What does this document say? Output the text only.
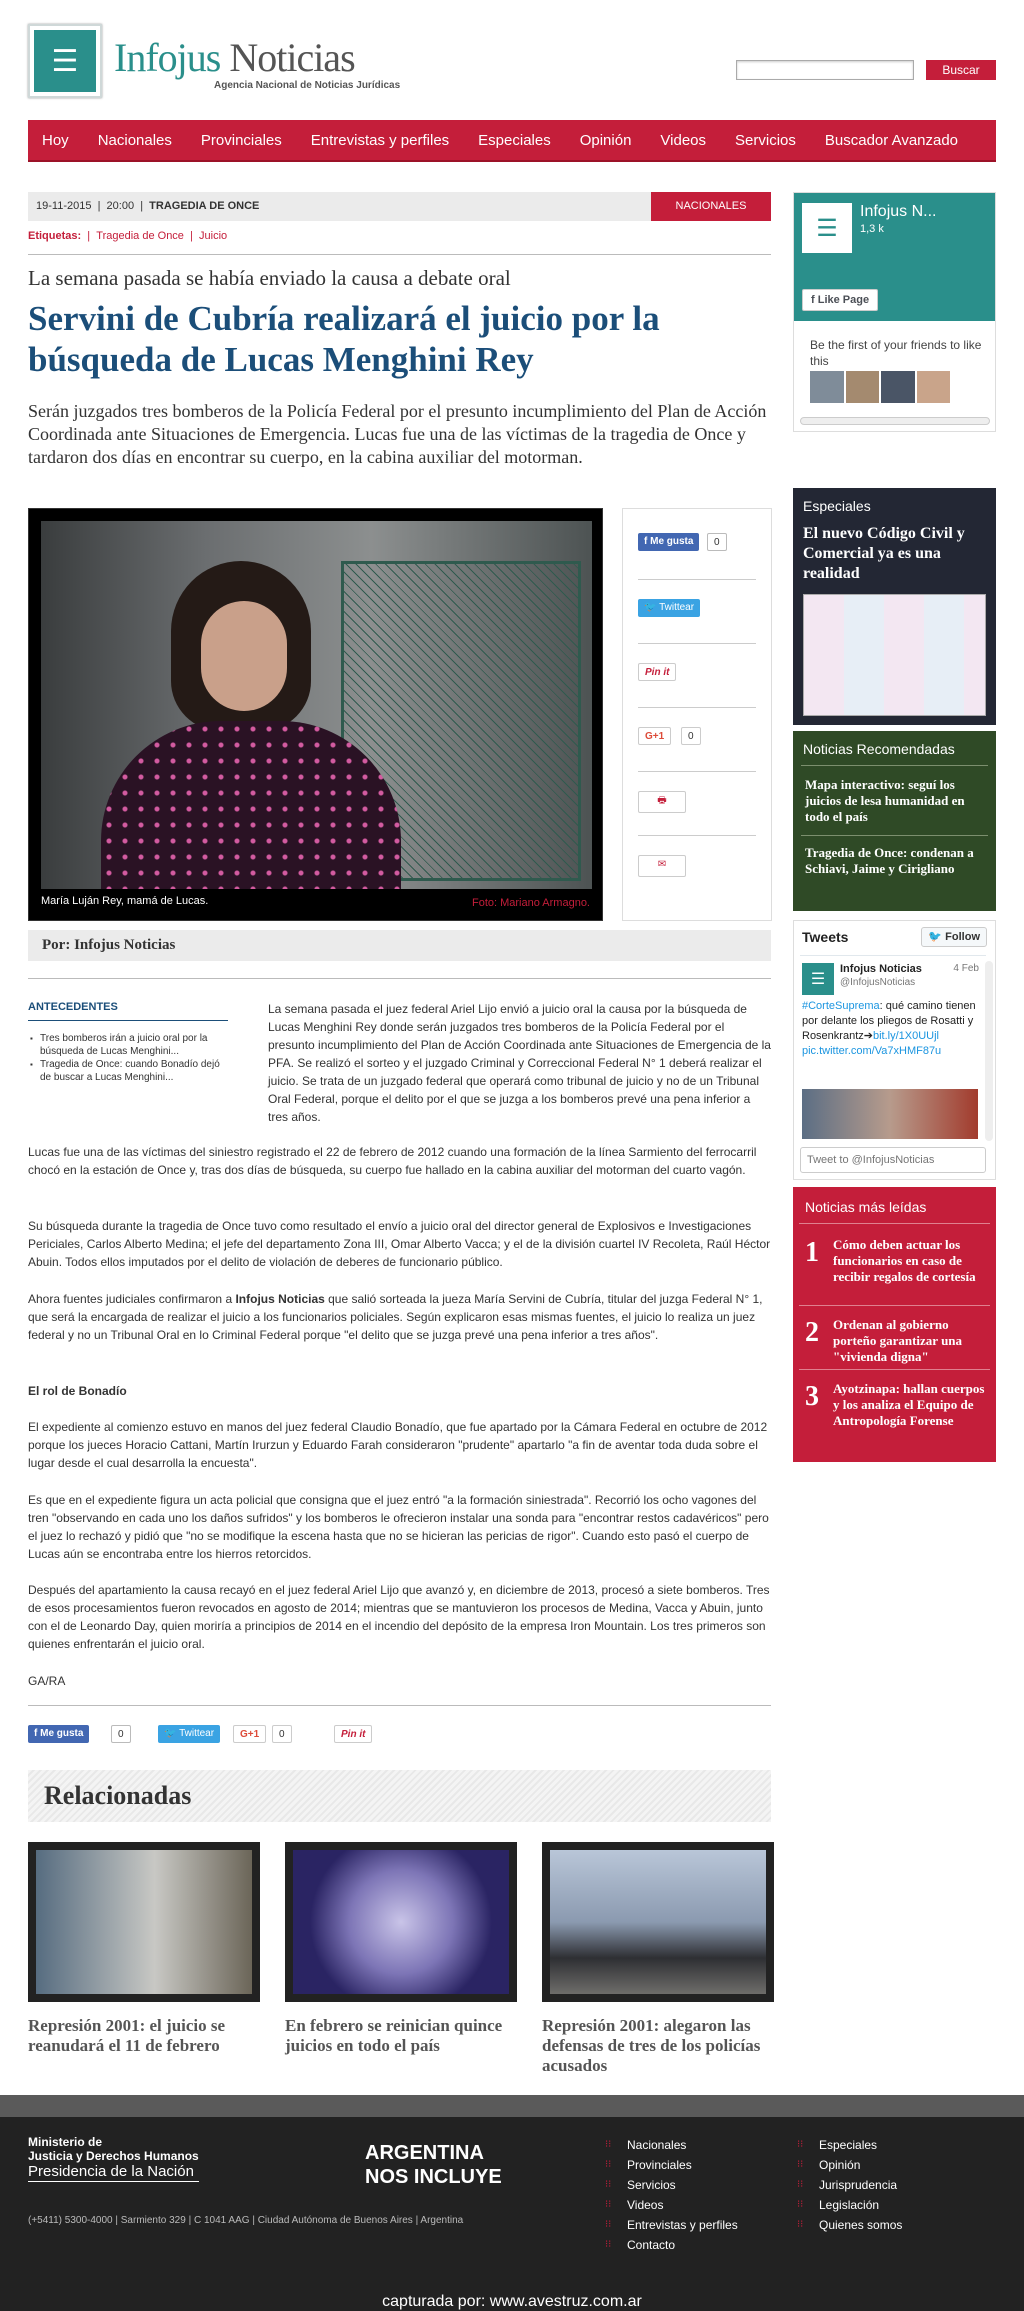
☰ Infojus Noticias
Agencia Nacional de Noticias Jurídicas
Buscar
Hoy Nacionales Provinciales Entrevistas y perfiles Especiales Opinión Videos Servicios Buscador Avanzado
19-11-2015  |  20:00  |  TRAGEDIA DE ONCE	NACIONALES
Etiquetas:  |  Tragedia de Once  |  Juicio
La semana pasada se había enviado la causa a debate oral
Servini de Cubría realizará el juicio por la búsqueda de Lucas Menghini Rey

Serán juzgados tres bomberos de la Policía Federal por el presunto incumplimiento del Plan de Acción Coordinada ante Situaciones de Emergencia. Lucas fue una de las víctimas de la tragedia de Once y tardaron dos días en encontrar su cuerpo, en la cabina auxiliar del motorman.

María Luján Rey, mamá de Lucas.	Foto: Mariano Armagno.
f Me gusta	0
🐦 Twittear
Pin it
G+1	0
🖶
✉
Por: Infojus Noticias
ANTECEDENTES
▪ Tres bomberos irán a juicio oral por la búsqueda de Lucas Menghini...
▪ Tragedia de Once: cuando Bonadío dejó de buscar a Lucas Menghini...

La semana pasada el juez federal Ariel Lijo envió a juicio oral la causa por la búsqueda de Lucas Menghini Rey donde serán juzgados tres bomberos de la Policía Federal por el presunto incumplimiento del Plan de Acción Coordinada ante Situaciones de Emergencia de la PFA. Se realizó el sorteo y el juzgado Criminal y Correccional Federal N° 1 deberá realizar el juicio. Se trata de un juzgado federal que operará como tribunal de juicio y no de un Tribunal Oral Federal, porque el delito por el que se juzga a los bomberos prevé una pena inferior a tres años.

Lucas fue una de las víctimas del siniestro registrado el 22 de febrero de 2012 cuando una formación de la línea Sarmiento del ferrocarril chocó en la estación de Once y, tras dos días de búsqueda, su cuerpo fue hallado en la cabina auxiliar del motorman del cuarto vagón.

Su búsqueda durante la tragedia de Once tuvo como resultado el envío a juicio oral del director general de Explosivos e Investigaciones Periciales, Carlos Alberto Medina; el jefe del departamento Zona III, Omar Alberto Vacca; y el de la división cuartel IV Recoleta, Raúl Héctor Abuin. Todos ellos imputados por el delito de violación de deberes de funcionario público.

Ahora fuentes judiciales confirmaron a Infojus Noticias que salió sorteada la jueza María Servini de Cubría, titular del juzga Federal N° 1, que será la encargada de realizar el juicio a los funcionarios policiales. Según explicaron esas mismas fuentes, el juicio lo realiza un juez federal y no un Tribunal Oral en lo Criminal Federal porque "el delito que se juzga prevé una pena inferior a tres años".

El rol de Bonadío

El expediente al comienzo estuvo en manos del juez federal Claudio Bonadío, que fue apartado por la Cámara Federal en octubre de 2012 porque los jueces Horacio Cattani, Martín Irurzun y Eduardo Farah consideraron "prudente" apartarlo "a fin de aventar toda duda sobre el lugar desde el cual desarrolla la encuesta".

Es que en el expediente figura un acta policial que consigna que el juez entró "a la formación siniestrada". Recorrió los ocho vagones del tren "observando en cada uno los daños sufridos" y los bomberos le ofrecieron instalar una sonda para "encontrar restos cadavéricos" pero el juez lo rechazó y pidió que "no se modifique la escena hasta que no se hicieran las pericias de rigor". Cuando esto pasó el cuerpo de Lucas aún se encontraba entre los hierros retorcidos.

Después del apartamiento la causa recayó en el juez federal Ariel Lijo que avanzó y, en diciembre de 2013, procesó a siete bomberos. Tres de esos procesamientos fueron revocados en agosto de 2014; mientras que se mantuvieron los procesos de Medina, Vacca y Abuin, junto con el de Leonardo Day, quien moriría a principios de 2014 en el incendio del depósito de la empresa Iron Mountain. Los tres primeros son quienes enfrentarán el juicio oral.

GA/RA

f Me gusta	0	🐦 Twittear	G+1	0	Pin it
Relacionadas
Represión 2001: el juicio se reanudará el 11 de febrero
En febrero se reinician quince juicios en todo el país
Represión 2001: alegaron las defensas de tres de los policías acusados
☰
Infojus N...
1,3 k
f Like Page
Be the first of your friends to like this
Especiales
El nuevo Código Civil y Comercial ya es una realidad
Noticias Recomendadas
Mapa interactivo: seguí los juicios de lesa humanidad en todo el país
Tragedia de Once: condenan a Schiavi, Jaime y Cirigliano
Tweets	🐦 Follow
☰
Infojus Noticias	4 Feb
@InfojusNoticias
#CorteSuprema: qué camino tienen por delante los pliegos de Rosatti y Rosenkrantz➔bit.ly/1X0UUjl pic.twitter.com/Va7xHMF87u
Tweet to @InfojusNoticias
Noticias más leídas
1 Cómo deben actuar los funcionarios en caso de recibir regalos de cortesía
2 Ordenan al gobierno porteño garantizar una "vivienda digna"
3 Ayotzinapa: hallan cuerpos y los analiza el Equipo de Antropología Forense
Ministerio de
Justicia y Derechos Humanos
Presidencia de la Nación
ARGENTINA
NOS INCLUYE
(+5411) 5300-4000 | Sarmiento 329 | C 1041 AAG | Ciudad Autónoma de Buenos Aires | Argentina
⁝⁝ Nacionales
⁝⁝ Provinciales
⁝⁝ Servicios
⁝⁝ Videos
⁝⁝ Entrevistas y perfiles
⁝⁝ Contacto
⁝⁝ Especiales
⁝⁝ Opinión
⁝⁝ Jurisprudencia
⁝⁝ Legislación
⁝⁝ Quienes somos
capturada por: www.avestruz.com.ar
